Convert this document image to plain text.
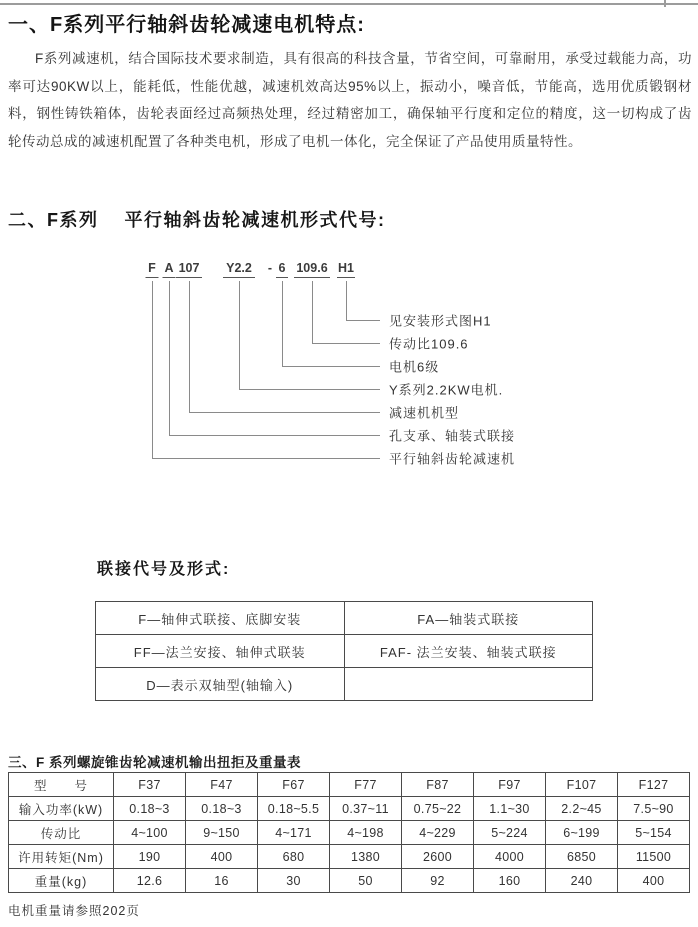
一、F系列平行轴斜齿轮减速电机特点:
F系列减速机，结合国际技术要求制造，具有很高的科技含量，节省空间，可靠耐用，承受过载能力高，功率可达90KW以上，能耗低，性能优越，减速机效高达95%以上，振动小，噪音低，节能高，选用优质锻钢材料，钢性铸铁箱体，齿轮表面经过高频热处理，经过精密加工，确保轴平行度和定位的精度，这一切构成了齿轮传动总成的减速机配置了各种类电机，形成了电机一体化，完全保证了产品使用质量特性。
二、F系列　 平行轴斜齿轮减速机形式代号:
F
平行轴斜齿轮减速机
A
孔支承、轴装式联接
107
减速机机型
Y2.2
Y系列2.2KW电机.
- 6
电机6级
109.6
传动比109.6
H1
见安装形式图H1
联接代号及形式:
F—轴伸式联接、底脚安装	FA—轴装式联接
FF—法兰安接、轴伸式联装	FAF- 法兰安装、轴装式联接
D—表示双轴型(轴输入)	
三、F 系列螺旋锥齿轮减速机输出扭拒及重量表
型　　号	F37	F47	F67	F77	F87	F97	F107	F127
输入功率(kW)	0.18~3	0.18~3	0.18~5.5	0.37~11	0.75~22	1.1~30	2.2~45	7.5~90
传动比	4~100	9~150	4~171	4~198	4~229	5~224	6~199	5~154
许用转矩(Nm)	190	400	680	1380	2600	4000	6850	11500
重量(kg)	12.6	16	30	50	92	160	240	400
电机重量请参照202页
